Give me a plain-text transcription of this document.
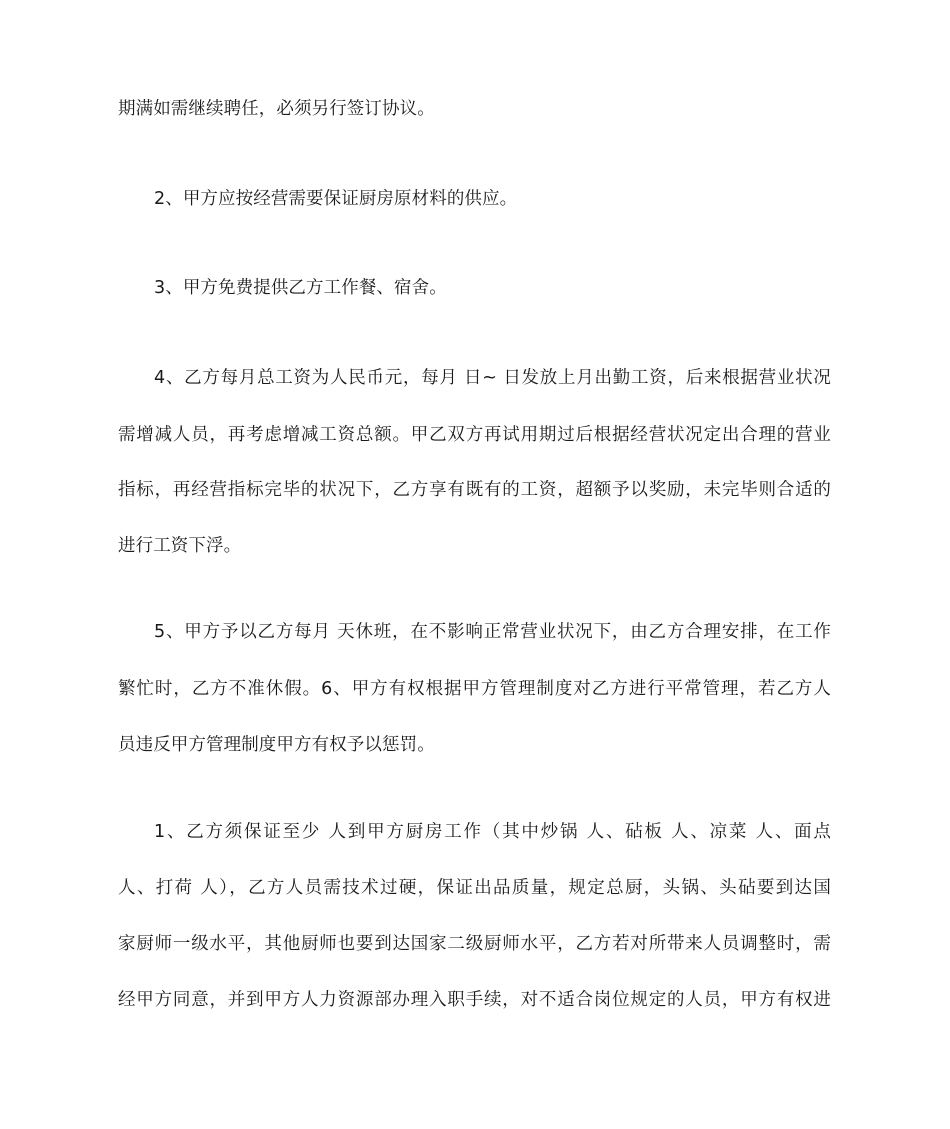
期满如需继续聘任，必须另行签订协议。
2、甲方应按经营需要保证厨房原材料的供应。
3、甲方免费提供乙方工作餐、宿舍。
4、乙方每月总工资为人民币元，每月 日~ 日发放上月出勤工资，后来根据营业状况
需增减人员，再考虑增减工资总额。甲乙双方再试用期过后根据经营状况定出合理的营业
指标，再经营指标完毕的状况下，乙方享有既有的工资，超额予以奖励，未完毕则合适的
进行工资下浮。
5、甲方予以乙方每月 天休班，在不影响正常营业状况下，由乙方合理安排，在工作
繁忙时，乙方不准休假。6、甲方有权根据甲方管理制度对乙方进行平常管理，若乙方人
员违反甲方管理制度甲方有权予以惩罚。
1、乙方须保证至少 人到甲方厨房工作（其中炒锅 人、砧板 人、凉菜 人、面点
人、打荷 人），乙方人员需技术过硬，保证出品质量，规定总厨，头锅、头砧要到达国
家厨师一级水平，其他厨师也要到达国家二级厨师水平，乙方若对所带来人员调整时，需
经甲方同意，并到甲方人力资源部办理入职手续，对不适合岗位规定的人员，甲方有权进
